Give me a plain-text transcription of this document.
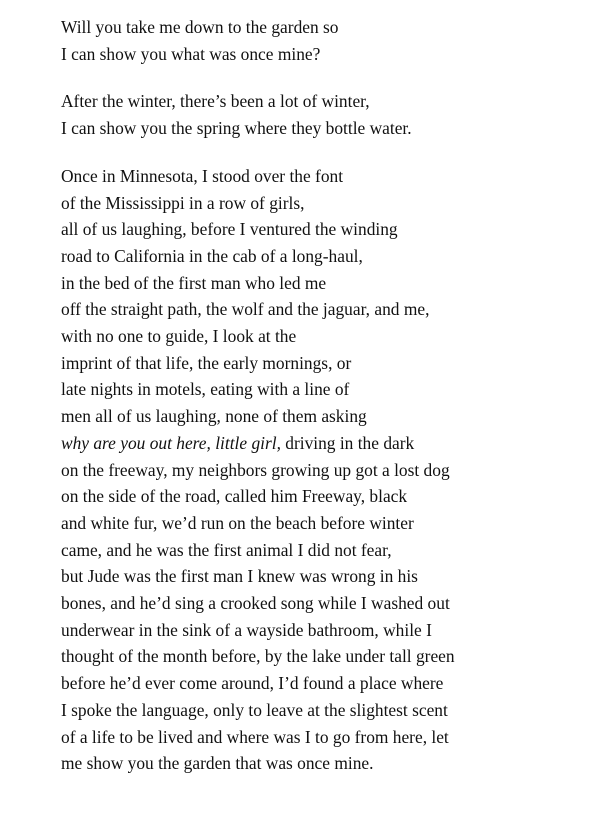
Will you take me down to the garden so
I can show you what was once mine?
After the winter, there’s been a lot of winter,
I can show you the spring where they bottle water.
Once in Minnesota, I stood over the font
of the Mississippi in a row of girls,
all of us laughing, before I ventured the winding
road to California in the cab of a long-haul,
in the bed of the first man who led me
off the straight path, the wolf and the jaguar, and me,
with no one to guide, I look at the
imprint of that life, the early mornings, or
late nights in motels, eating with a line of
men all of us laughing, none of them asking
why are you out here, little girl, driving in the dark
on the freeway, my neighbors growing up got a lost dog
on the side of the road, called him Freeway, black
and white fur, we’d run on the beach before winter
came, and he was the first animal I did not fear,
but Jude was the first man I knew was wrong in his
bones, and he’d sing a crooked song while I washed out
underwear in the sink of a wayside bathroom, while I
thought of the month before, by the lake under tall green
before he’d ever come around, I’d found a place where
I spoke the language, only to leave at the slightest scent
of a life to be lived and where was I to go from here, let
me show you the garden that was once mine.
